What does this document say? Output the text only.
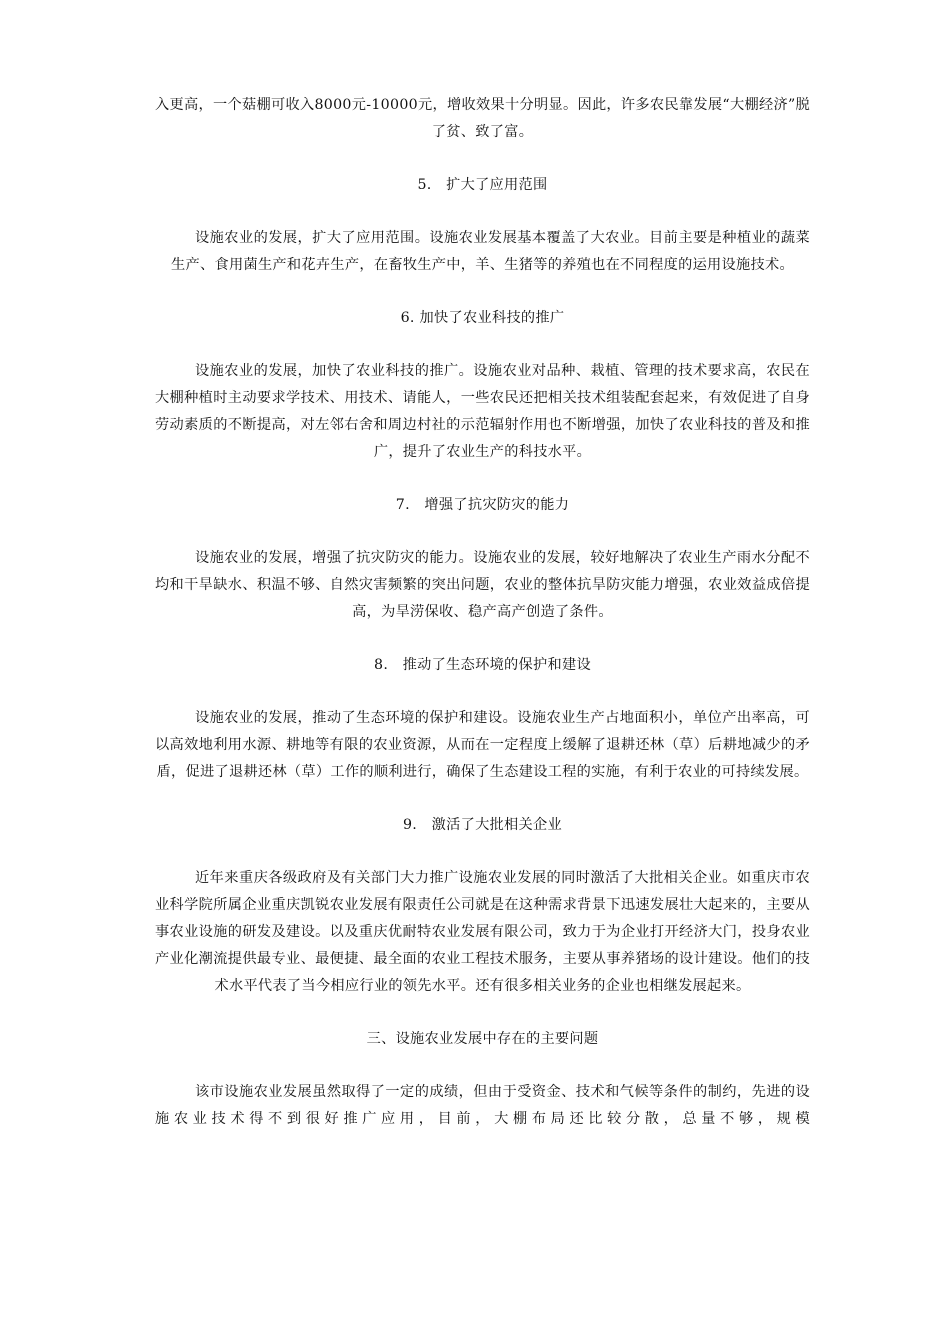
入更高，一个菇棚可收入8000元-10000元，增收效果十分明显。因此，许多农民靠发展“大棚经济”脱了贫、致了富。

5.　扩大了应用范围

设施农业的发展，扩大了应用范围。设施农业发展基本覆盖了大农业。目前主要是种植业的蔬菜生产、食用菌生产和花卉生产，在畜牧生产中，羊、生猪等的养殖也在不同程度的运用设施技术。

6. 加快了农业科技的推广

设施农业的发展，加快了农业科技的推广。设施农业对品种、栽植、管理的技术要求高，农民在大棚种植时主动要求学技术、用技术、请能人，一些农民还把相关技术组装配套起来，有效促进了自身劳动素质的不断提高，对左邻右舍和周边村社的示范辐射作用也不断增强，加快了农业科技的普及和推广，提升了农业生产的科技水平。

7.　增强了抗灾防灾的能力

设施农业的发展，增强了抗灾防灾的能力。设施农业的发展，较好地解决了农业生产雨水分配不均和干旱缺水、积温不够、自然灾害频繁的突出问题，农业的整体抗旱防灾能力增强，农业效益成倍提高，为旱涝保收、稳产高产创造了条件。

8.　推动了生态环境的保护和建设

设施农业的发展，推动了生态环境的保护和建设。设施农业生产占地面积小，单位产出率高，可以高效地利用水源、耕地等有限的农业资源，从而在一定程度上缓解了退耕还林（草）后耕地减少的矛盾，促进了退耕还林（草）工作的顺利进行，确保了生态建设工程的实施，有利于农业的可持续发展。

9.　激活了大批相关企业

近年来重庆各级政府及有关部门大力推广设施农业发展的同时激活了大批相关企业。如重庆市农业科学院所属企业重庆凯锐农业发展有限责任公司就是在这种需求背景下迅速发展壮大起来的，主要从事农业设施的研发及建设。以及重庆优耐特农业发展有限公司，致力于为企业打开经济大门，投身农业产业化潮流提供最专业、最便捷、最全面的农业工程技术服务，主要从事养猪场的设计建设。他们的技术水平代表了当今相应行业的领先水平。还有很多相关业务的企业也相继发展起来。

三、设施农业发展中存在的主要问题

该市设施农业发展虽然取得了一定的成绩，但由于受资金、技术和气候等条件的制约，先进的设施农业技术得不到很好推广应用，目前，大棚布局还比较分散，总量不够，规模
